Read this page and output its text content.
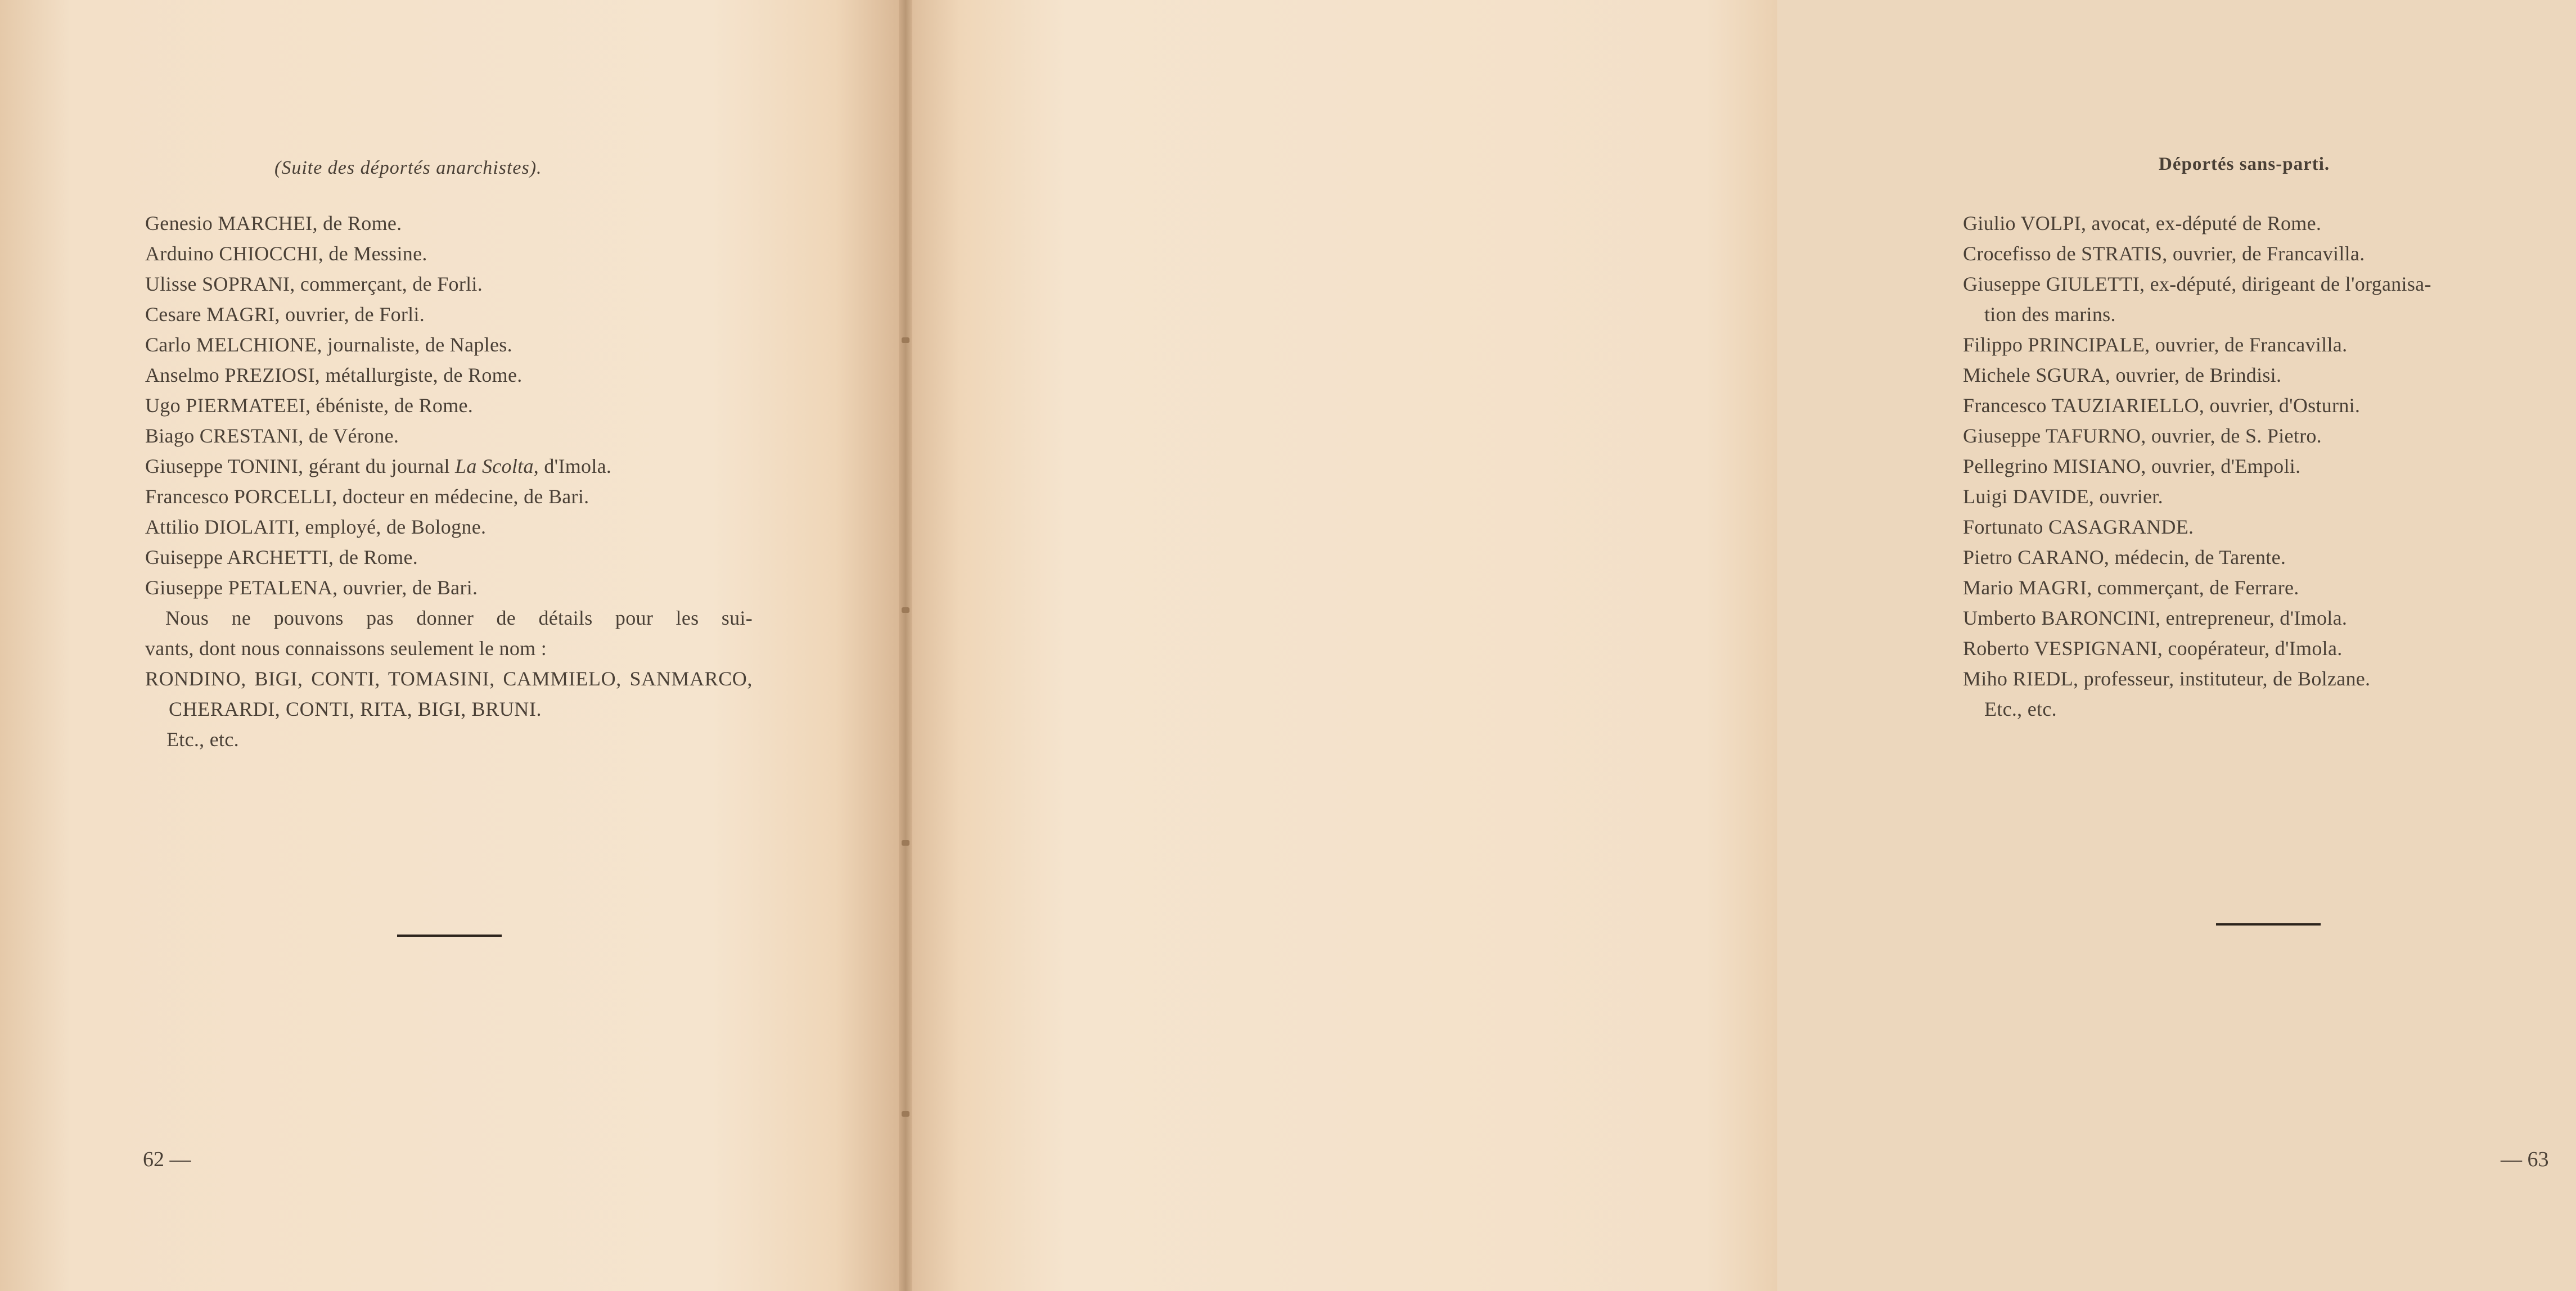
(Suite des déportés anarchistes).
Genesio MARCHEI, de Rome.
Arduino CHIOCCHI, de Messine.
Ulisse SOPRANI, commerçant, de Forli.
Cesare MAGRI, ouvrier, de Forli.
Carlo MELCHIONE, journaliste, de Naples.
Anselmo PREZIOSI, métallurgiste, de Rome.
Ugo PIERMATEEI, ébéniste, de Rome.
Biago CRESTANI, de Vérone.
Giuseppe TONINI, gérant du journal La Scolta, d'Imola.
Francesco PORCELLI, docteur en médecine, de Bari.
Attilio DIOLAITI, employé, de Bologne.
Guiseppe ARCHETTI, de Rome.
Giuseppe PETALENA, ouvrier, de Bari.

Nous ne pouvons pas donner de détails pour les sui-

vants, dont nous connaissons seulement le nom :

RONDINO, BIGI, CONTI, TOMASINI, CAMMIELO, SANMARCO, CHERARDI, CONTI, RITA, BIGI, BRUNI.

Etc., etc.

62 —
Déportés sans-parti.
Giulio VOLPI, avocat, ex-député de Rome.
Crocefisso de STRATIS, ouvrier, de Francavilla.
Giuseppe GIULETTI, ex-député, dirigeant de l'organisa-
tion des marins.
Filippo PRINCIPALE, ouvrier, de Francavilla.
Michele SGURA, ouvrier, de Brindisi.
Francesco TAUZIARIELLO, ouvrier, d'Osturni.
Giuseppe TAFURNO, ouvrier, de S. Pietro.
Pellegrino MISIANO, ouvrier, d'Empoli.
Luigi DAVIDE, ouvrier.
Fortunato CASAGRANDE.
Pietro CARANO, médecin, de Tarente.
Mario MAGRI, commerçant, de Ferrare.
Umberto BARONCINI, entrepreneur, d'Imola.
Roberto VESPIGNANI, coopérateur, d'Imola.
Miho RIEDL, professeur, instituteur, de Bolzane.

Etc., etc.

— 63
